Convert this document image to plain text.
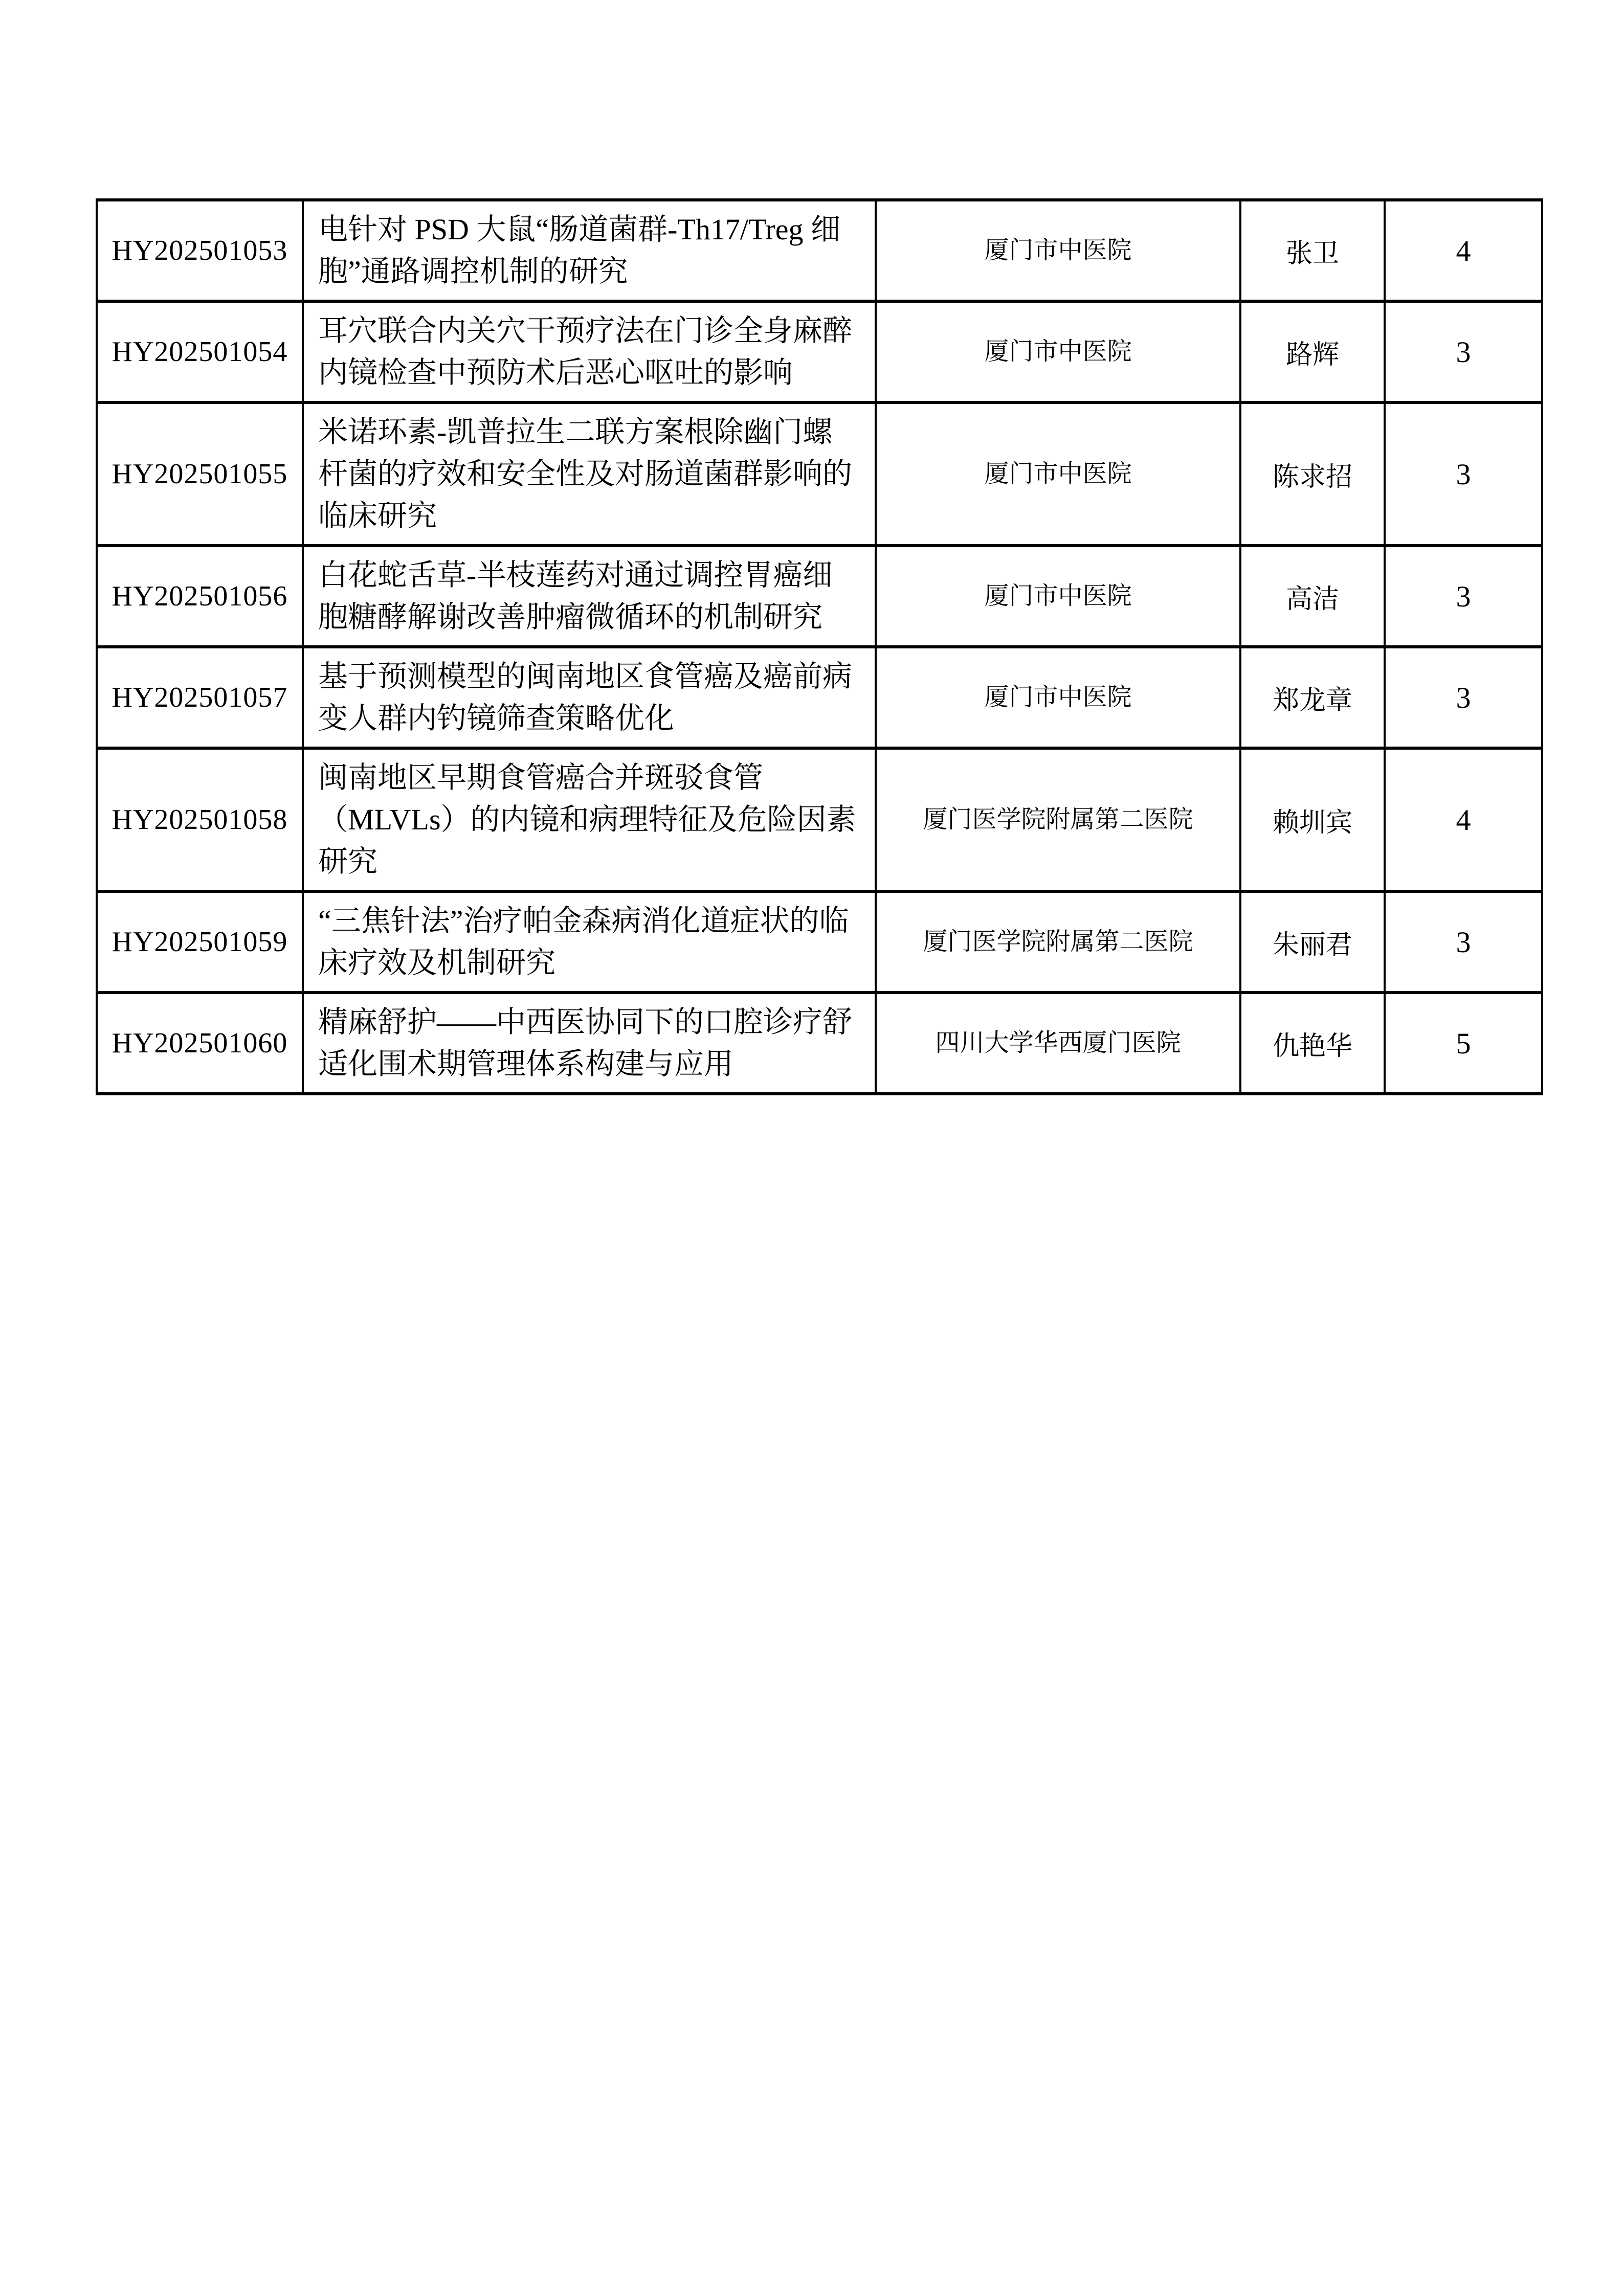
HY202501053	电针对 PSD 大鼠“肠道菌群-Th17/Treg 细胞”通路调控机制的研究	厦门市中医院	张卫	4
HY202501054	耳穴联合内关穴干预疗法在门诊全身麻醉内镜检查中预防术后恶心呕吐的影响	厦门市中医院	路辉	3
HY202501055	米诺环素-凯普拉生二联方案根除幽门螺杆菌的疗效和安全性及对肠道菌群影响的临床研究	厦门市中医院	陈求招	3
HY202501056	白花蛇舌草-半枝莲药对通过调控胃癌细胞糖酵解谢改善肿瘤微循环的机制研究	厦门市中医院	高洁	3
HY202501057	基于预测模型的闽南地区食管癌及癌前病变人群内钓镜筛查策略优化	厦门市中医院	郑龙章	3
HY202501058	闽南地区早期食管癌合并斑驳食管（MLVLs）的内镜和病理特征及危险因素研究	厦门医学院附属第二医院	赖圳宾	4
HY202501059	“三焦针法”治疗帕金森病消化道症状的临床疗效及机制研究	厦门医学院附属第二医院	朱丽君	3
HY202501060	精麻舒护——中西医协同下的口腔诊疗舒适化围术期管理体系构建与应用	四川大学华西厦门医院	仇艳华	5
